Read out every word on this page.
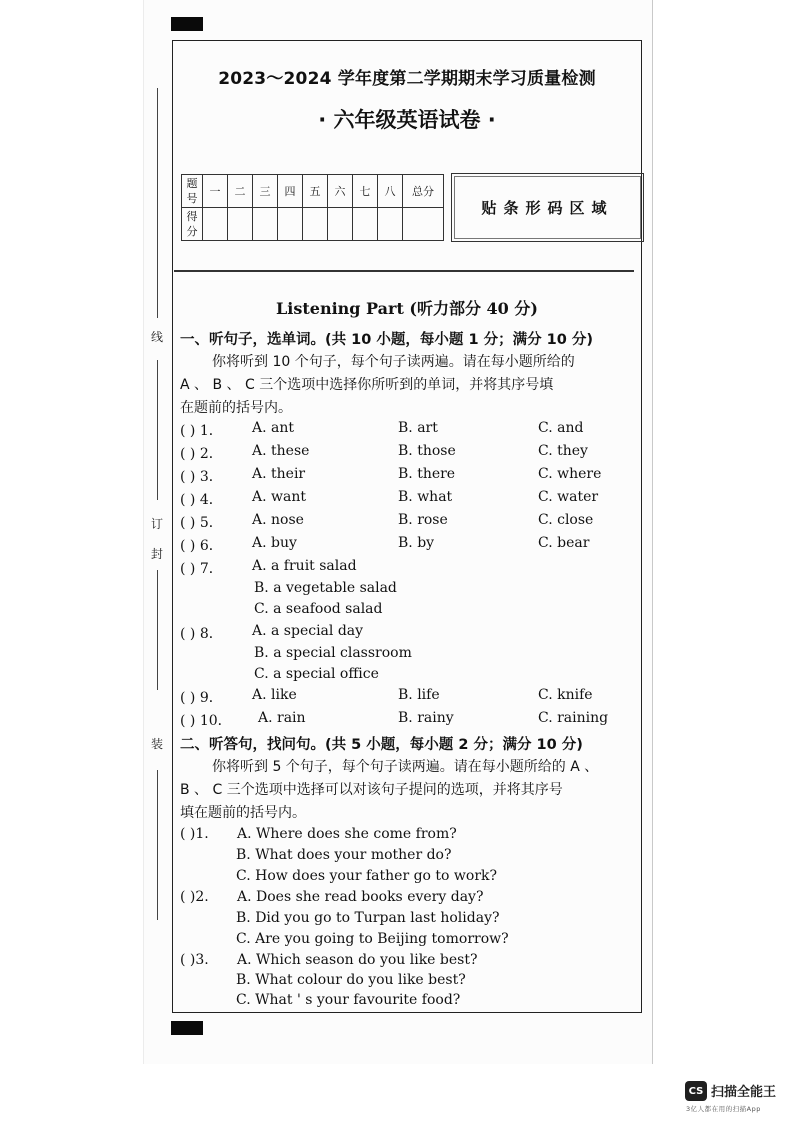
线
订
封
装
2023～2024 学年度第二学期期末学习质量检测
· 六年级英语试卷 ·
题号	一	二	三	四	五	六	七	八	总分
得分									
贴条形码区域
Listening Part (听力部分 40 分)
一、听句子，选单词。(共 10 小题，每小题 1 分；满分 10 分)
你将听到 10 个句子，每个句子读两遍。请在每小题所给的
A 、 B 、 C 三个选项中选择你所听到的单词，并将其序号填
在题前的括号内。
( ) 1． A. ant	B. art	C. and
( ) 2． A. these	B. those	C. they
( ) 3． A. their	B. there	C. where
( ) 4． A. want	B. what	C. water
( ) 5． A. nose	B. rose	C. close
( ) 6． A. buy	B. by	C. bear
( ) 7． A. a fruit salad
B. a vegetable salad
C. a seafood salad
( ) 8． A. a special day
B. a special classroom
C. a special office
( ) 9． A. like	B. life	C. knife
( ) 10． A. rain	B. rainy	C. raining
二、听答句，找问句。(共 5 小题，每小题 2 分；满分 10 分)
你将听到 5 个句子，每个句子读两遍。请在每小题所给的 A 、
B 、 C 三个选项中选择可以对该句子提问的选项，并将其序号
填在题前的括号内。
( )1. A. Where does she come from?
B. What does your mother do?
C. How does your father go to work?
( )2. A. Does she read books every day?
B. Did you go to Turpan last holiday?
C. Are you going to Beijing tomorrow?
( )3. A. Which season do you like best?
B. What colour do you like best?
C. What ' s your favourite food?
CS 扫描全能王
3亿人都在用的扫描App
